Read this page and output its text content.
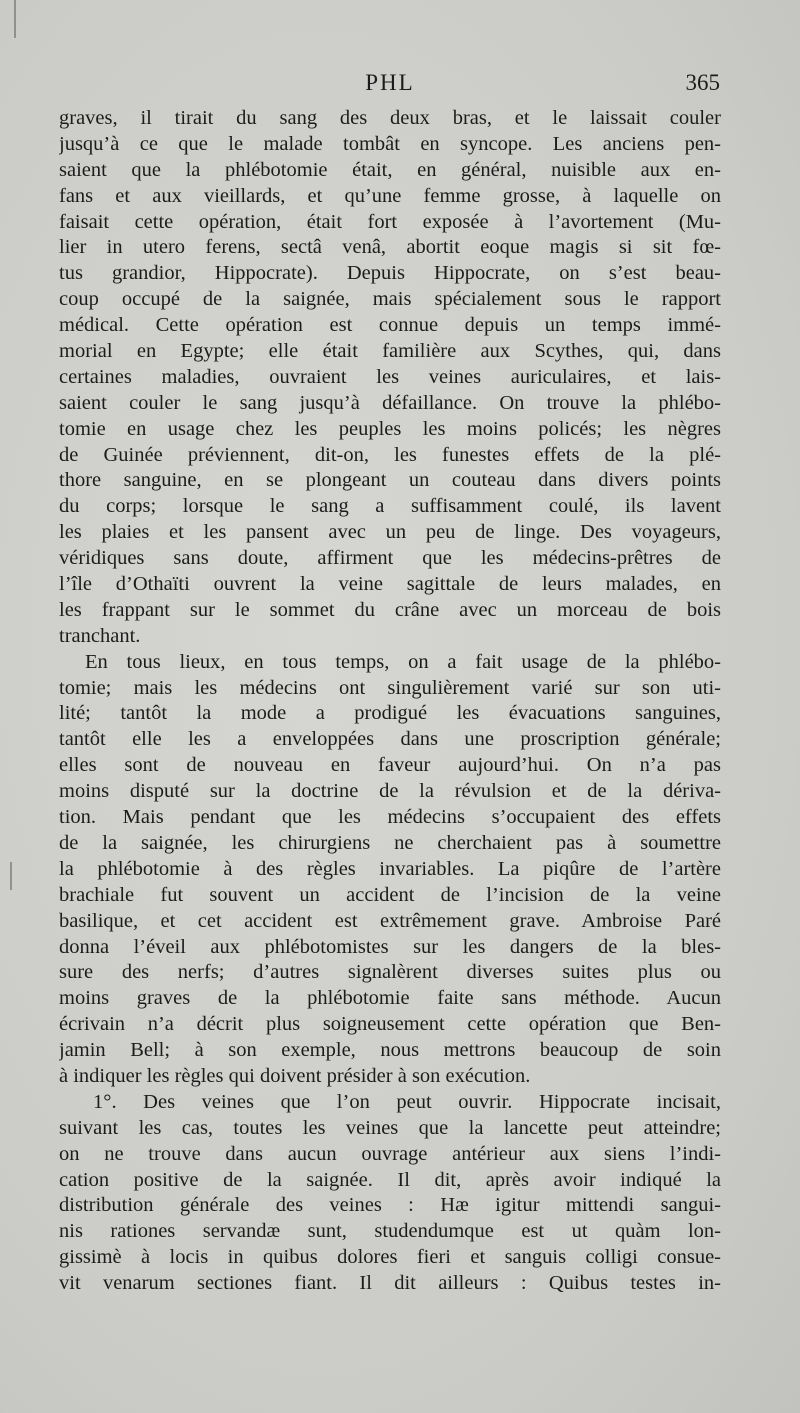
PHL	365
graves, il tirait du sang des deux bras, et le laissait couler
jusqu’à ce que le malade tombât en syncope. Les anciens pen-
saient que la phlébotomie était, en général, nuisible aux en-
fans et aux vieillards, et qu’une femme grosse, à laquelle on
faisait cette opération, était fort exposée à l’avortement (Mu-
lier in utero ferens, sectâ venâ, abortit eoque magis si sit fœ-
tus grandior, Hippocrate). Depuis Hippocrate, on s’est beau-
coup occupé de la saignée, mais spécialement sous le rapport
médical. Cette opération est connue depuis un temps immé-
morial en Egypte; elle était familière aux Scythes, qui, dans
certaines maladies, ouvraient les veines auriculaires, et lais-
saient couler le sang jusqu’à défaillance. On trouve la phlébo-
tomie en usage chez les peuples les moins policés; les nègres
de Guinée préviennent, dit-on, les funestes effets de la plé-
thore sanguine, en se plongeant un couteau dans divers points
du corps; lorsque le sang a suffisamment coulé, ils lavent
les plaies et les pansent avec un peu de linge. Des voyageurs,
véridiques sans doute, affirment que les médecins-prêtres de
l’île d’Othaïti ouvrent la veine sagittale de leurs malades, en
les frappant sur le sommet du crâne avec un morceau de bois
tranchant.
En tous lieux, en tous temps, on a fait usage de la phlébo-
tomie; mais les médecins ont singulièrement varié sur son uti-
lité; tantôt la mode a prodigué les évacuations sanguines,
tantôt elle les a enveloppées dans une proscription générale;
elles sont de nouveau en faveur aujourd’hui. On n’a pas
moins disputé sur la doctrine de la révulsion et de la dériva-
tion. Mais pendant que les médecins s’occupaient des effets
de la saignée, les chirurgiens ne cherchaient pas à soumettre
la phlébotomie à des règles invariables. La piqûre de l’artère
brachiale fut souvent un accident de l’incision de la veine
basilique, et cet accident est extrêmement grave. Ambroise Paré
donna l’éveil aux phlébotomistes sur les dangers de la bles-
sure des nerfs; d’autres signalèrent diverses suites plus ou
moins graves de la phlébotomie faite sans méthode. Aucun
écrivain n’a décrit plus soigneusement cette opération que Ben-
jamin Bell; à son exemple, nous mettrons beaucoup de soin
à indiquer les règles qui doivent présider à son exécution.
1°. Des veines que l’on peut ouvrir. Hippocrate incisait,
suivant les cas, toutes les veines que la lancette peut atteindre;
on ne trouve dans aucun ouvrage antérieur aux siens l’indi-
cation positive de la saignée. Il dit, après avoir indiqué la
distribution générale des veines : Hæ igitur mittendi sangui-
nis rationes servandæ sunt, studendumque est ut quàm lon-
gissimè à locis in quibus dolores fieri et sanguis colligi consue-
vit venarum sectiones fiant. Il dit ailleurs : Quibus testes in-
